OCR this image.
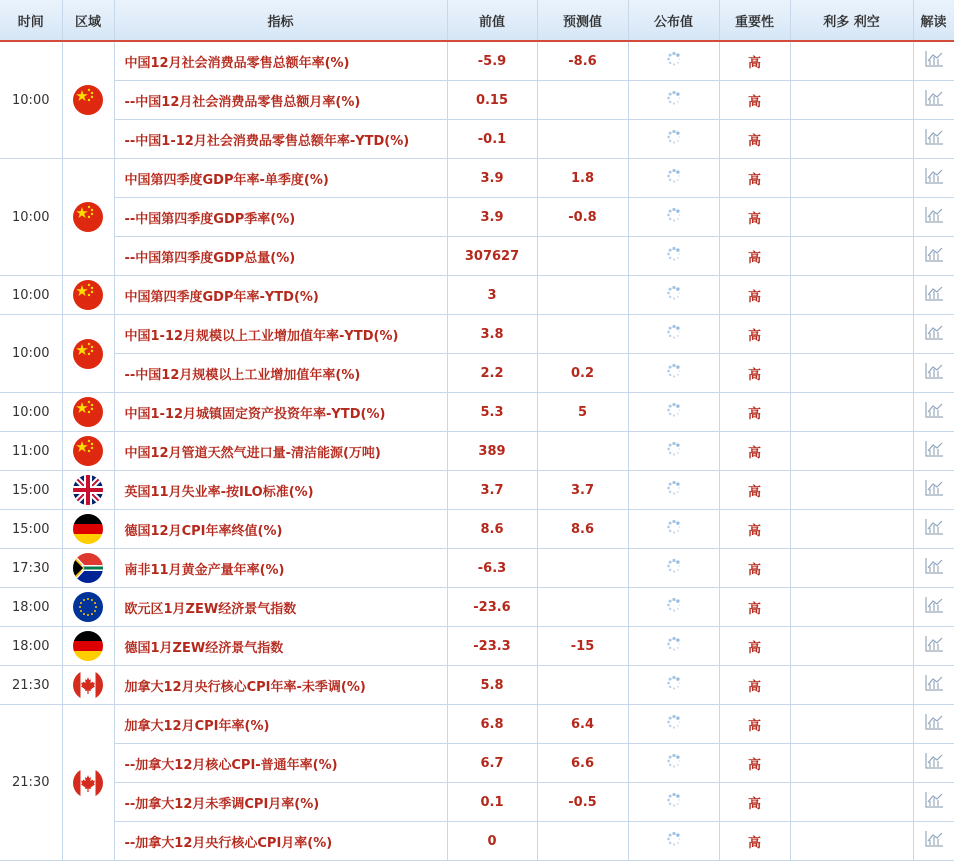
时间	区域	指标	前值	预测值	公布值	重要性	利多 利空	解读
10:00		中国12月社会消费品零售总额年率(%)	-5.9	-8.6		高		
		--中国12月社会消费品零售总额月率(%)	0.15			高		
		--中国1-12月社会消费品零售总额年率-YTD(%)	-0.1			高		
10:00		中国第四季度GDP年率-单季度(%)	3.9	1.8		高		
		--中国第四季度GDP季率(%)	3.9	-0.8		高		
		--中国第四季度GDP总量(%)	307627			高		
10:00		中国第四季度GDP年率-YTD(%)	3			高		
10:00		中国1-12月规模以上工业增加值年率-YTD(%)	3.8			高		
		--中国12月规模以上工业增加值年率(%)	2.2	0.2		高		
10:00		中国1-12月城镇固定资产投资年率-YTD(%)	5.3	5		高		
11:00		中国12月管道天然气进口量-清洁能源(万吨)	389			高		
15:00		英国11月失业率-按ILO标准(%)	3.7	3.7		高		
15:00		德国12月CPI年率终值(%)	8.6	8.6		高		
17:30		南非11月黄金产量年率(%)	-6.3			高		
18:00		欧元区1月ZEW经济景气指数	-23.6			高		
18:00		德国1月ZEW经济景气指数	-23.3	-15		高		
21:30		加拿大12月央行核心CPI年率-未季调(%)	5.8			高		
21:30		加拿大12月CPI年率(%)	6.8	6.4		高		
		--加拿大12月核心CPI-普通年率(%)	6.7	6.6		高		
		--加拿大12月未季调CPI月率(%)	0.1	-0.5		高		
		--加拿大12月央行核心CPI月率(%)	0			高		
